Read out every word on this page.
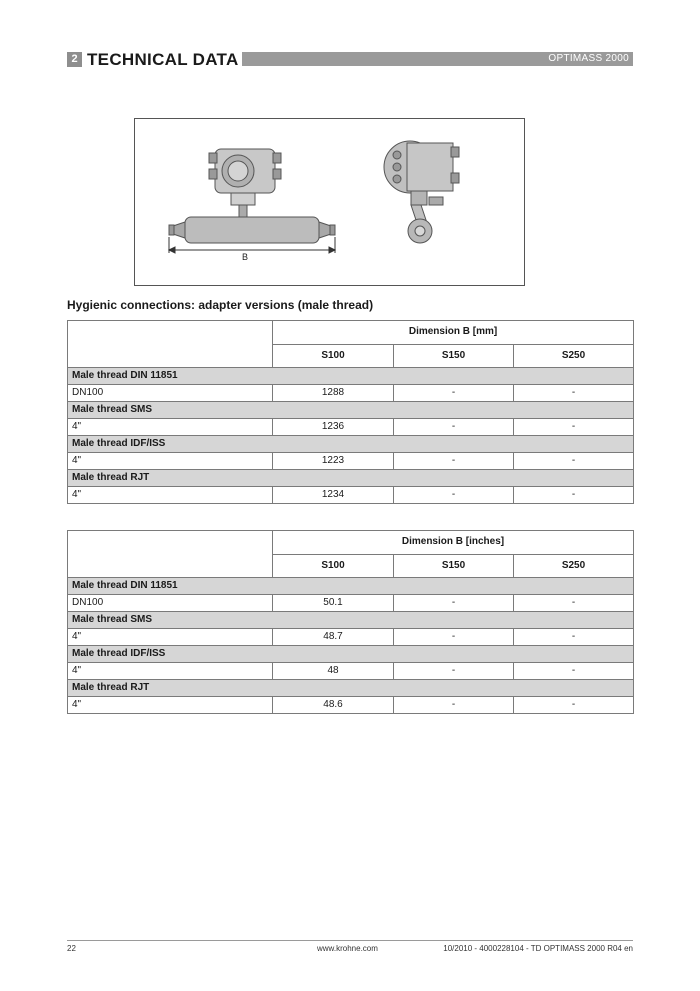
2 TECHNICAL DATA	OPTIMASS 2000
B
Hygienic connections: adapter versions (male thread)
	Dimension B [mm]		
	S100	S150	S250
Male thread DIN 11851			
DN100	1288	-	-
Male thread SMS			
4"	1236	-	-
Male thread IDF/ISS			
4"	1223	-	-
Male thread RJT			
4"	1234	-	-
	Dimension B [inches]		
	S100	S150	S250
Male thread DIN 11851			
DN100	50.1	-	-
Male thread SMS			
4"	48.7	-	-
Male thread IDF/ISS			
4"	48	-	-
Male thread RJT			
4"	48.6	-	-
22	www.krohne.com	10/2010 - 4000228104 - TD OPTIMASS 2000 R04 en
